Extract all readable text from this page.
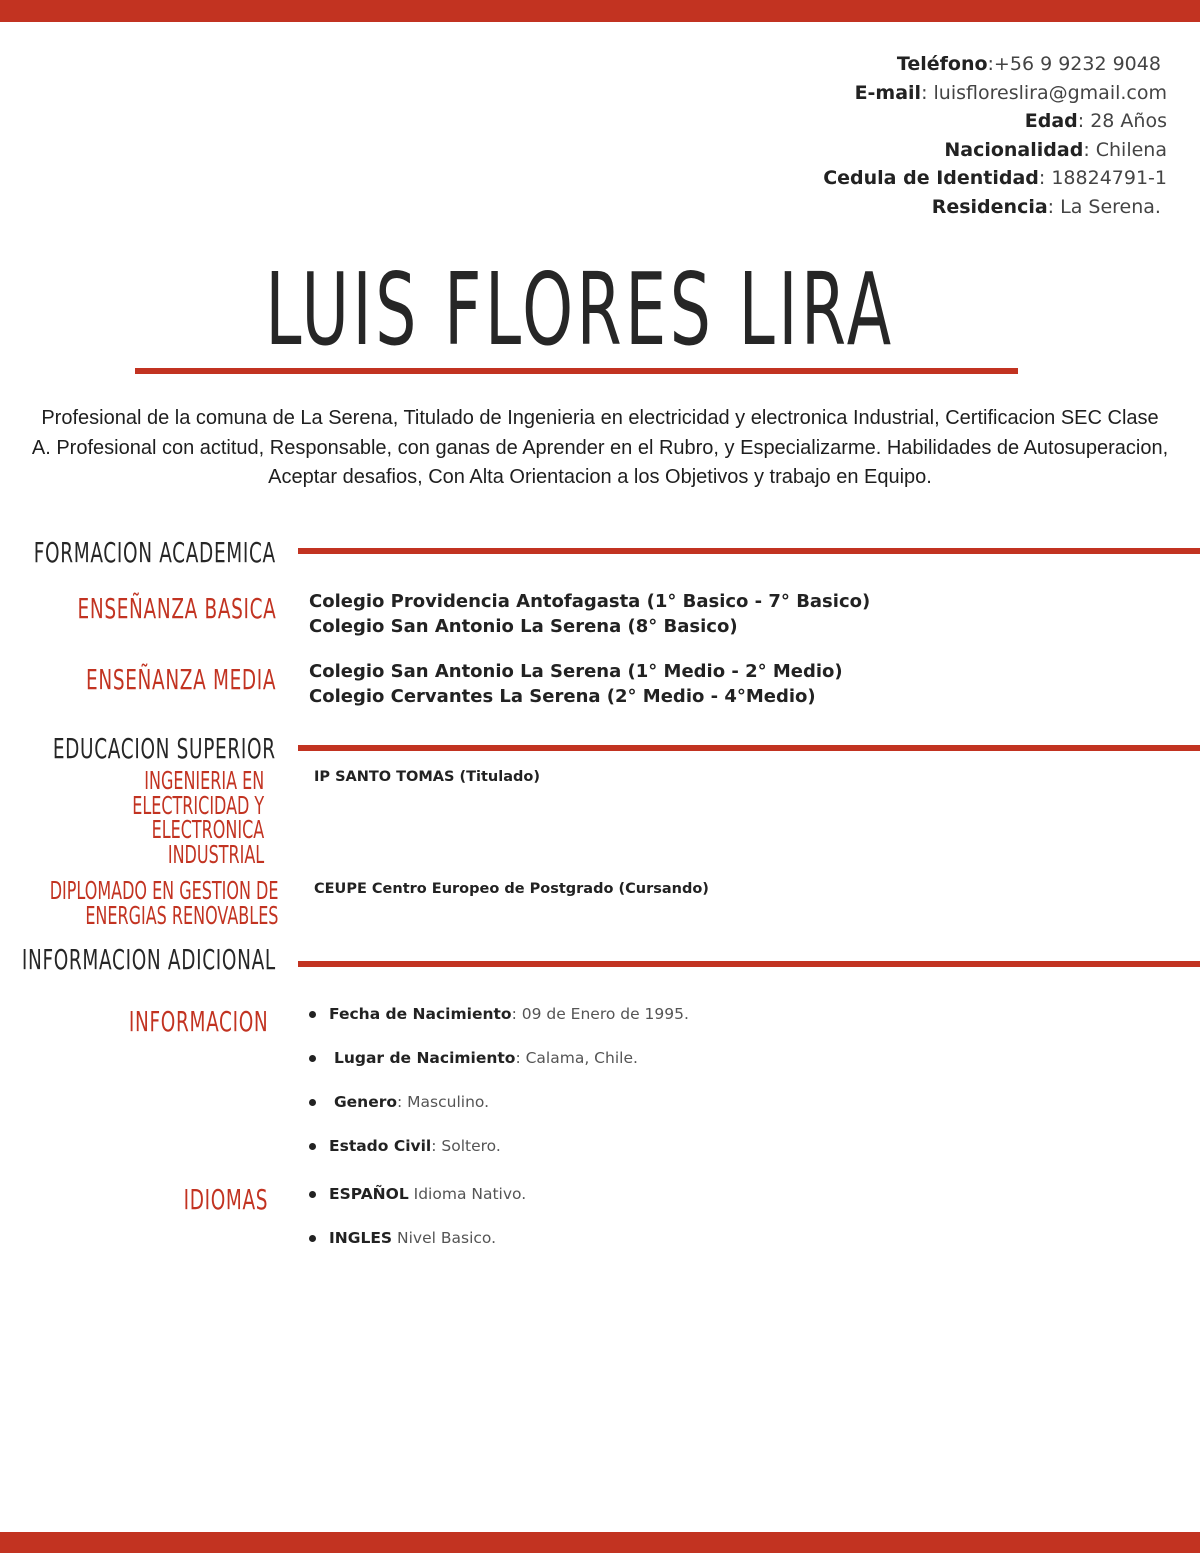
Teléfono:+56 9 9232 9048
E-mail: luisfloreslira@gmail.com
Edad: 28 Años
Nacionalidad: Chilena
Cedula de Identidad: 18824791-1
Residencia: La Serena.
LUIS FLORES LIRA
Profesional de la comuna de La Serena, Titulado de Ingenieria en electricidad y electronica Industrial, Certificacion SEC Clase A. Profesional con actitud, Responsable, con ganas de Aprender en el Rubro, y Especializarme. Habilidades de Autosuperacion, Aceptar desafios, Con Alta Orientacion a los Objetivos y trabajo en Equipo.
FORMACION ACADEMICA
ENSEÑANZA BASICA Colegio Providencia Antofagasta (1° Basico - 7° Basico)
Colegio San Antonio La Serena (8° Basico)
ENSEÑANZA MEDIA Colegio San Antonio La Serena (1° Medio - 2° Medio)
Colegio Cervantes La Serena (2° Medio - 4°Medio)
EDUCACION SUPERIOR
INGENIERIA EN
ELECTRICIDAD Y
ELECTRONICA
INDUSTRIAL
IP SANTO TOMAS (Titulado)
DIPLOMADO EN GESTION DE
ENERGIAS RENOVABLES
CEUPE Centro Europeo de Postgrado (Cursando)
INFORMACION ADICIONAL
INFORMACION	Fecha de Nacimiento: 09 de Enero de 1995.
Lugar de Nacimiento: Calama, Chile.
Genero: Masculino.
Estado Civil: Soltero.
IDIOMAS	ESPAÑOL Idioma Nativo.
INGLES Nivel Basico.
